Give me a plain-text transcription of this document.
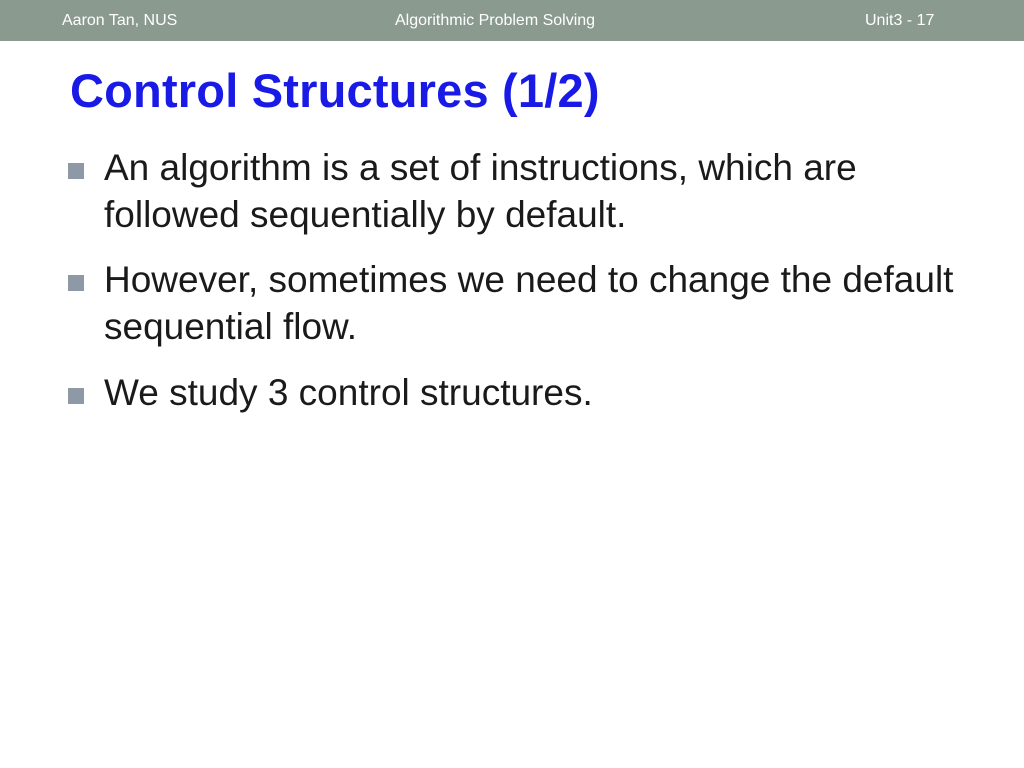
Aaron Tan, NUS	Algorithmic Problem Solving	Unit3 - 17
Control Structures (1/2)
An algorithm is a set of instructions, which are followed sequentially by default.
However, sometimes we need to change the default sequential flow.
We study 3 control structures.
